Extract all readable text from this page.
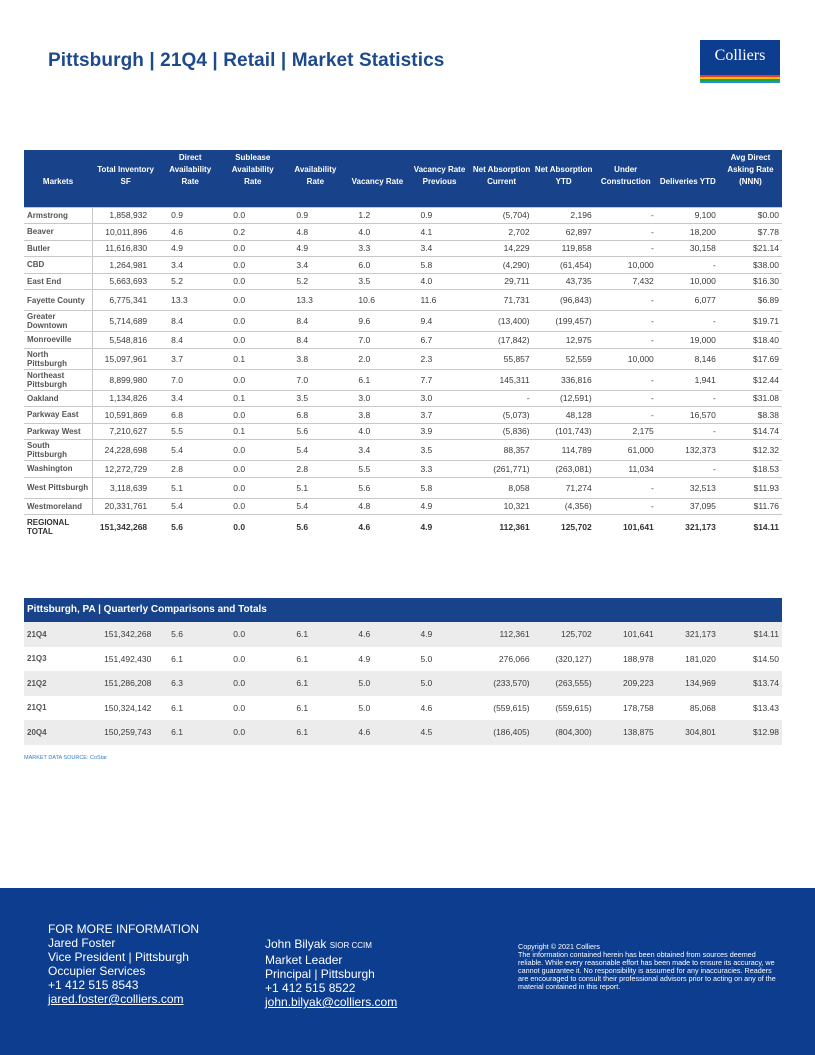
Pittsburgh | 21Q4 | Retail | Market Statistics	Colliers
Markets	Total Inventory SF	Direct Availability Rate	Sublease Availability Rate	Availability Rate	Vacancy Rate	Vacancy Rate Previous	Net Absorption Current	Net Absorption YTD	Under Construction	Deliveries YTD	Avg Direct Asking Rate (NNN)

Armstrong	1,858,932	0.9	0.0	0.9	1.2	0.9	(5,704)	2,196	-	9,100	$0.00
Beaver	10,011,896	4.6	0.2	4.8	4.0	4.1	2,702	62,897	-	18,200	$7.78
Butler	11,616,830	4.9	0.0	4.9	3.3	3.4	14,229	119,858	-	30,158	$21.14
CBD	1,264,981	3.4	0.0	3.4	6.0	5.8	(4,290)	(61,454)	10,000	-	$38.00
East End	5,663,693	5.2	0.0	5.2	3.5	4.0	29,711	43,735	7,432	10,000	$16.30
Fayette County	6,775,341	13.3	0.0	13.3	10.6	11.6	71,731	(96,843)	-	6,077	$6.89
Greater Downtown	5,714,689	8.4	0.0	8.4	9.6	9.4	(13,400)	(199,457)	-	-	$19.71
Monroeville	5,548,816	8.4	0.0	8.4	7.0	6.7	(17,842)	12,975	-	19,000	$18.40
North Pittsburgh	15,097,961	3.7	0.1	3.8	2.0	2.3	55,857	52,559	10,000	8,146	$17.69
Northeast Pittsburgh	8,899,980	7.0	0.0	7.0	6.1	7.7	145,311	336,816	-	1,941	$12.44
Oakland	1,134,826	3.4	0.1	3.5	3.0	3.0	-	(12,591)	-	-	$31.08
Parkway East	10,591,869	6.8	0.0	6.8	3.8	3.7	(5,073)	48,128	-	16,570	$8.38
Parkway West	7,210,627	5.5	0.1	5.6	4.0	3.9	(5,836)	(101,743)	2,175	-	$14.74
South Pittsburgh	24,228,698	5.4	0.0	5.4	3.4	3.5	88,357	114,789	61,000	132,373	$12.32
Washington	12,272,729	2.8	0.0	2.8	5.5	3.3	(261,771)	(263,081)	11,034	-	$18.53
West Pittsburgh	3,118,639	5.1	0.0	5.1	5.6	5.8	8,058	71,274	-	32,513	$11.93
Westmoreland	20,331,761	5.4	0.0	5.4	4.8	4.9	10,321	(4,356)	-	37,095	$11.76
REGIONAL TOTAL	151,342,268	5.6	0.0	5.6	4.6	4.9	112,361	125,702	101,641	321,173	$14.11
Pittsburgh, PA | Quarterly Comparisons and Totals
21Q4	151,342,268	5.6	0.0	6.1	4.6	4.9	112,361	125,702	101,641	321,173	$14.11
21Q3	151,492,430	6.1	0.0	6.1	4.9	5.0	276,066	(320,127)	188,978	181,020	$14.50
21Q2	151,286,208	6.3	0.0	6.1	5.0	5.0	(233,570)	(263,555)	209,223	134,969	$13.74
21Q1	150,324,142	6.1	0.0	6.1	5.0	4.6	(559,615)	(559,615)	178,758	85,068	$13.43
20Q4	150,259,743	6.1	0.0	6.1	4.6	4.5	(186,405)	(804,300)	138,875	304,801	$12.98
MARKET DATA SOURCE: CoStar
FOR MORE INFORMATION
Jared Foster
Vice President | Pittsburgh
Occupier Services
+1 412 515 8543
jared.foster@colliers.com
John Bilyak SIOR CCIM
Market Leader
Principal | Pittsburgh
+1 412 515 8522
john.bilyak@colliers.com
Copyright © 2021 Colliers
The information contained herein has been obtained from sources deemed reliable. While every reasonable effort has been made to ensure its accuracy, we cannot guarantee it. No responsibility is assumed for any inaccuracies. Readers are encouraged to consult their professional advisors prior to acting on any of the material contained in this report.
